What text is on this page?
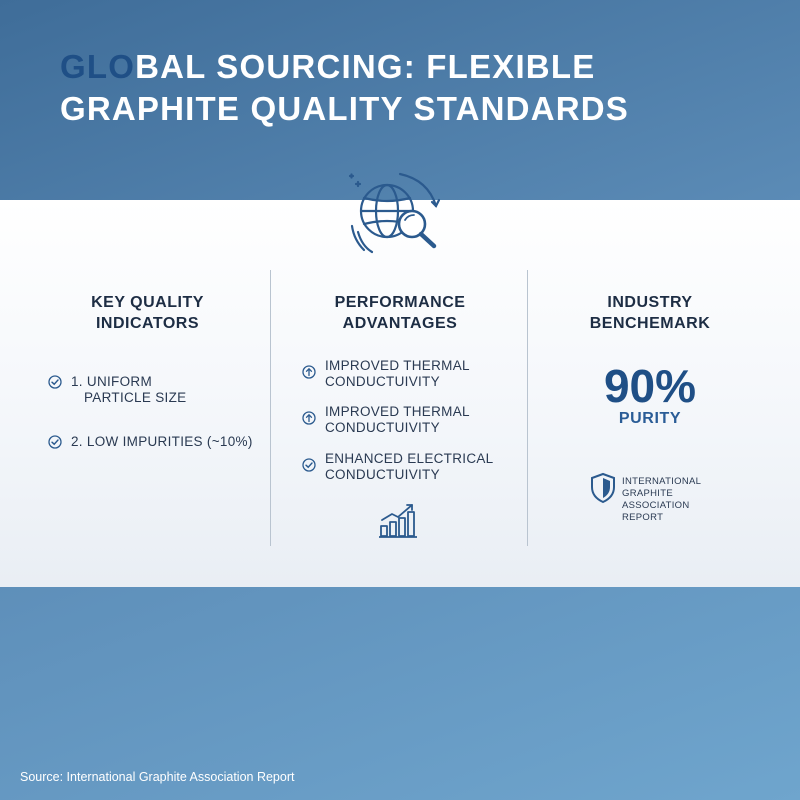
GLOBAL SOURCING: FLEXIBLE
GRAPHITE QUALITY STANDARDS
KEY QUALITY
INDICATORS
1. UNIFORM
PARTICLE SIZE
2. LOW IMPURITIES (~10%)
PERFORMANCE
ADVANTAGES
IMPROVED THERMAL
CONDUCTUIVITY
IMPROVED THERMAL
CONDUCTUIVITY
ENHANCED ELECTRICAL
CONDUCTUIVITY
INDUSTRY
BENCHEMARK
90%
PURITY
INTERNATIONAL GRAPHITE
ASSOCIATION
REPORT
Source: International Graphite Association Report
